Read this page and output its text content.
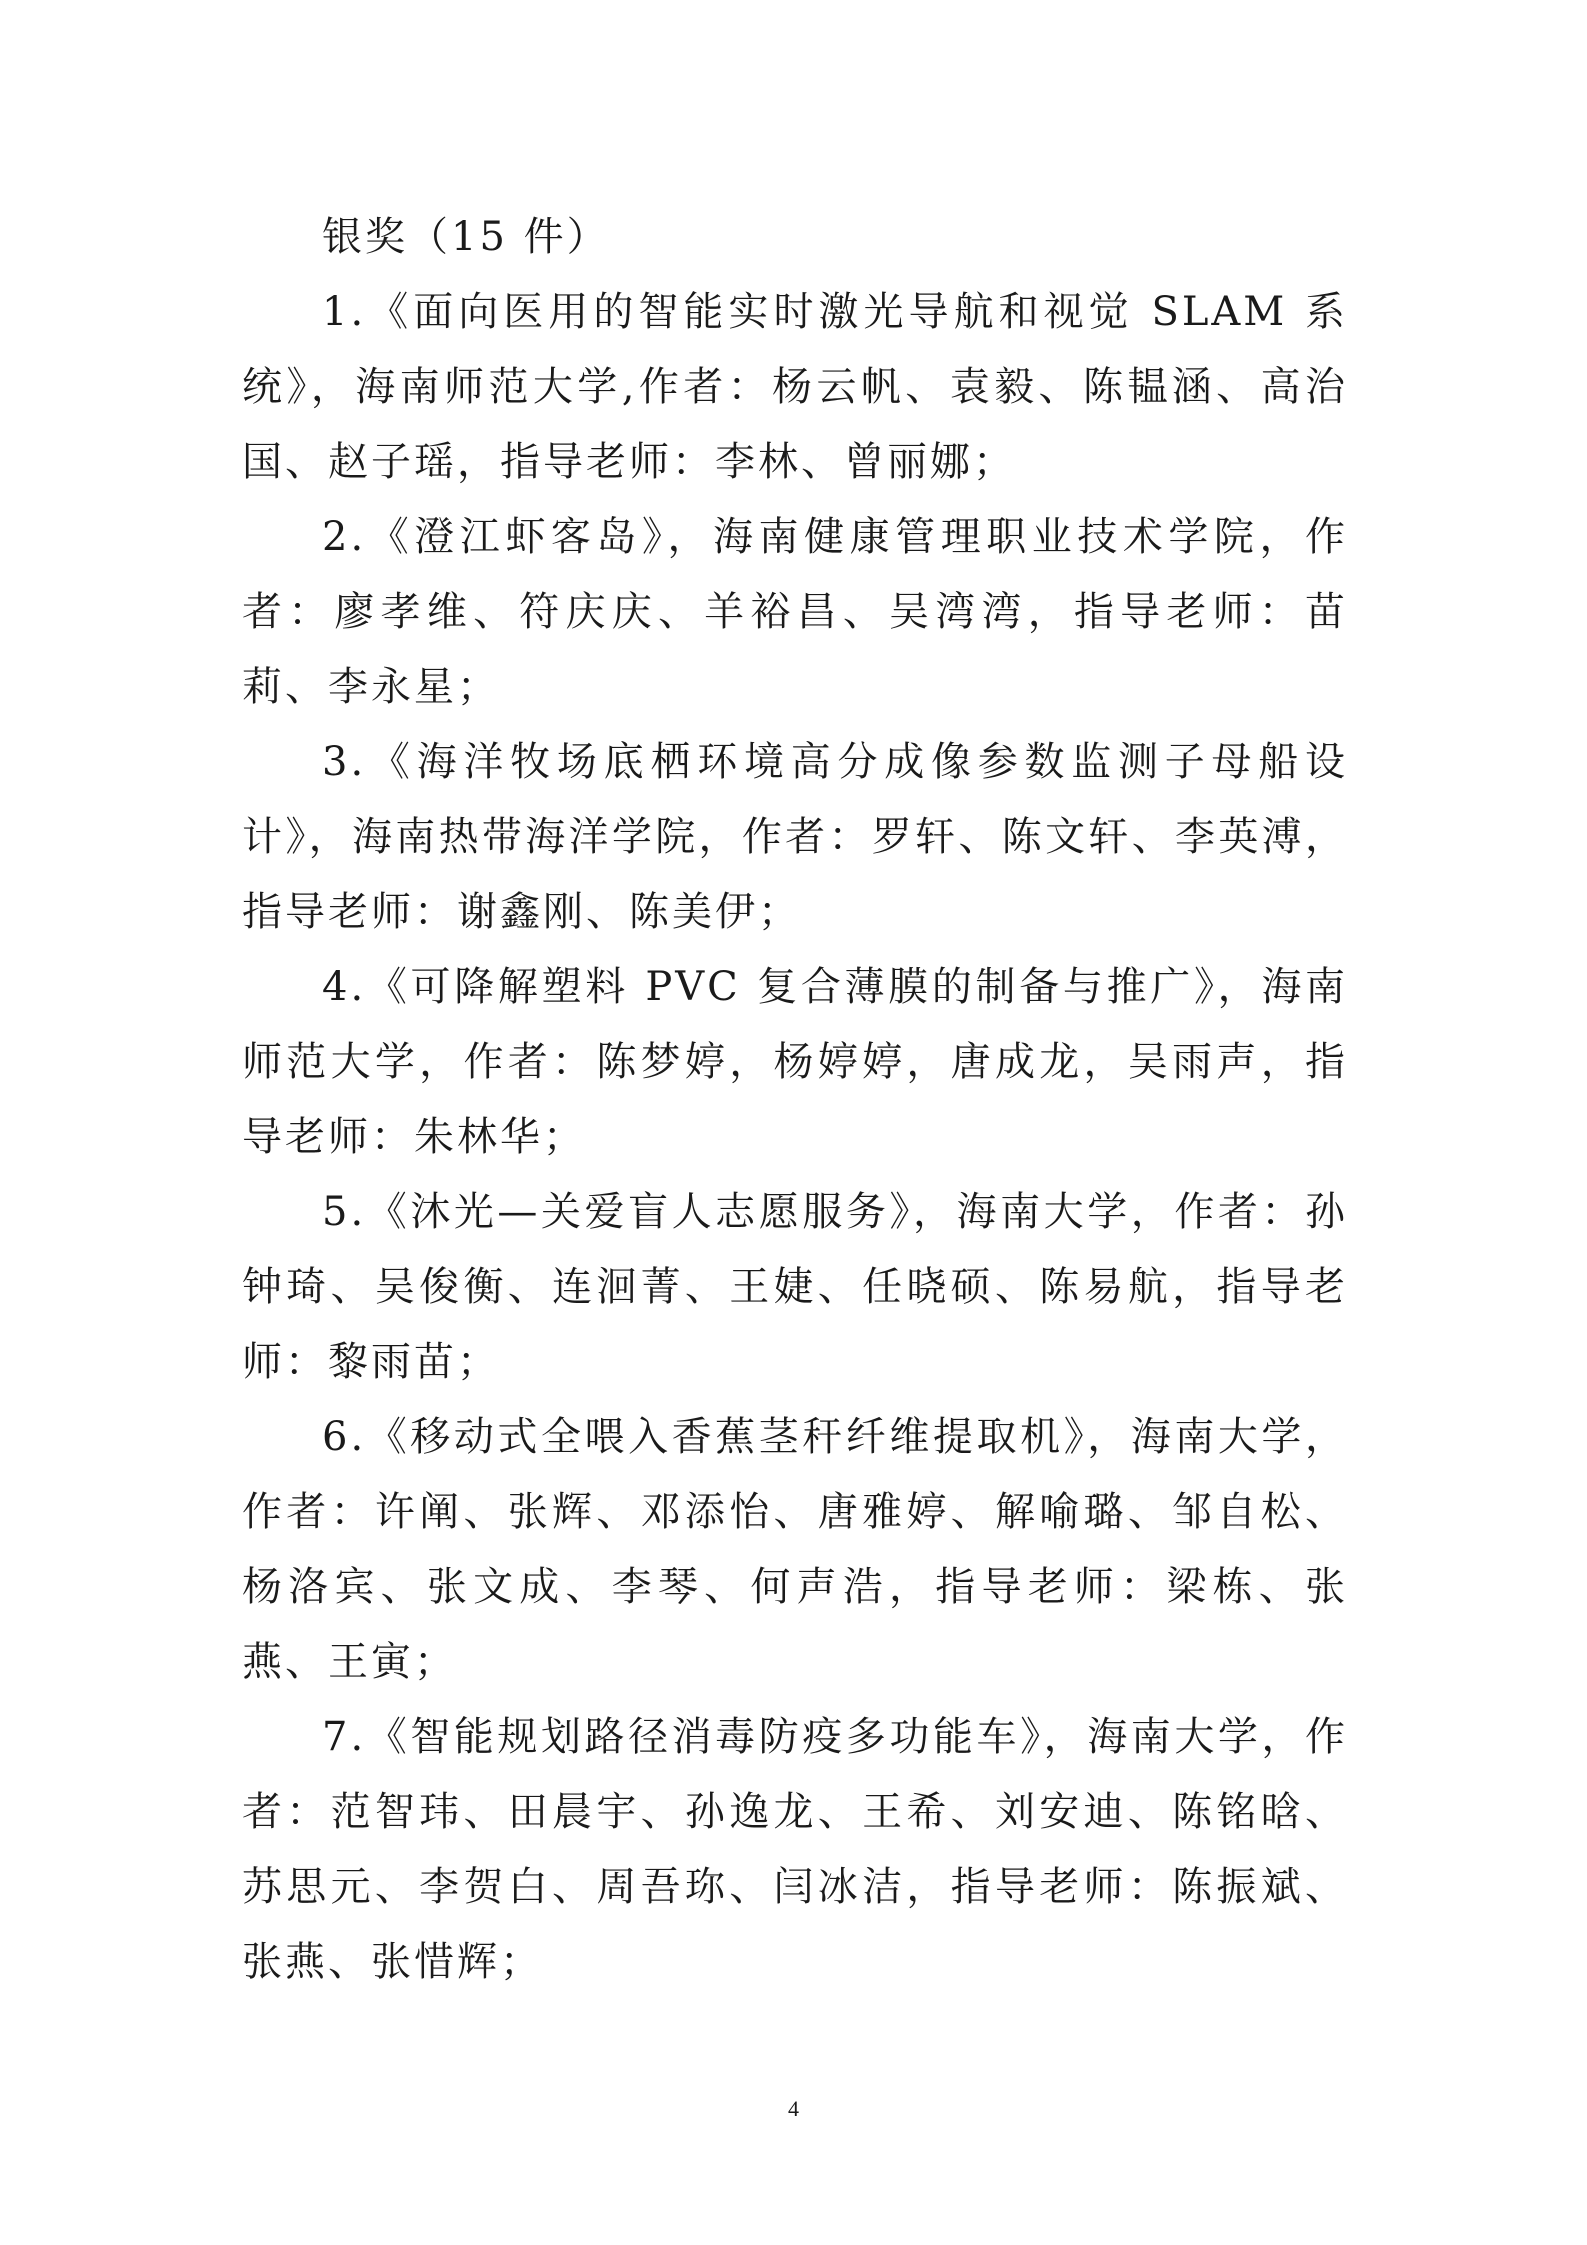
银奖（15 件）

1.《面向医用的智能实时激光导航和视觉 SLAM 系统》，海南师范大学,作者：杨云帆、袁毅、陈韫涵、高治国、赵子瑶，指导老师：李林、曾丽娜；

2.《澄江虾客岛》，海南健康管理职业技术学院，作者：廖孝维、符庆庆、羊裕昌、吴湾湾，指导老师：苗莉、李永星；

3.《海洋牧场底栖环境高分成像参数监测子母船设计》，海南热带海洋学院，作者：罗轩、陈文轩、李英溥，指导老师：谢鑫刚、陈美伊；

4.《可降解塑料 PVC 复合薄膜的制备与推广》，海南师范大学，作者：陈梦婷，杨婷婷，唐成龙，吴雨声，指导老师：朱林华；

5.《沐光—关爱盲人志愿服务》，海南大学，作者：孙钟琦、吴俊衡、连洄菁、王婕、任晓硕、陈易航，指导老师：黎雨苗；

6.《移动式全喂入香蕉茎秆纤维提取机》，海南大学，作者：许阐、张辉、邓添怡、唐雅婷、解喻璐、邹自松、杨洛宾、张文成、李琴、何声浩，指导老师：梁栋、张燕、王寅；

7.《智能规划路径消毒防疫多功能车》，海南大学，作者：范智玮、田晨宇、孙逸龙、王希、刘安迪、陈铭晗、苏思元、李贺白、周吾珎、闫冰洁，指导老师：陈振斌、张燕、张惜辉；

4
